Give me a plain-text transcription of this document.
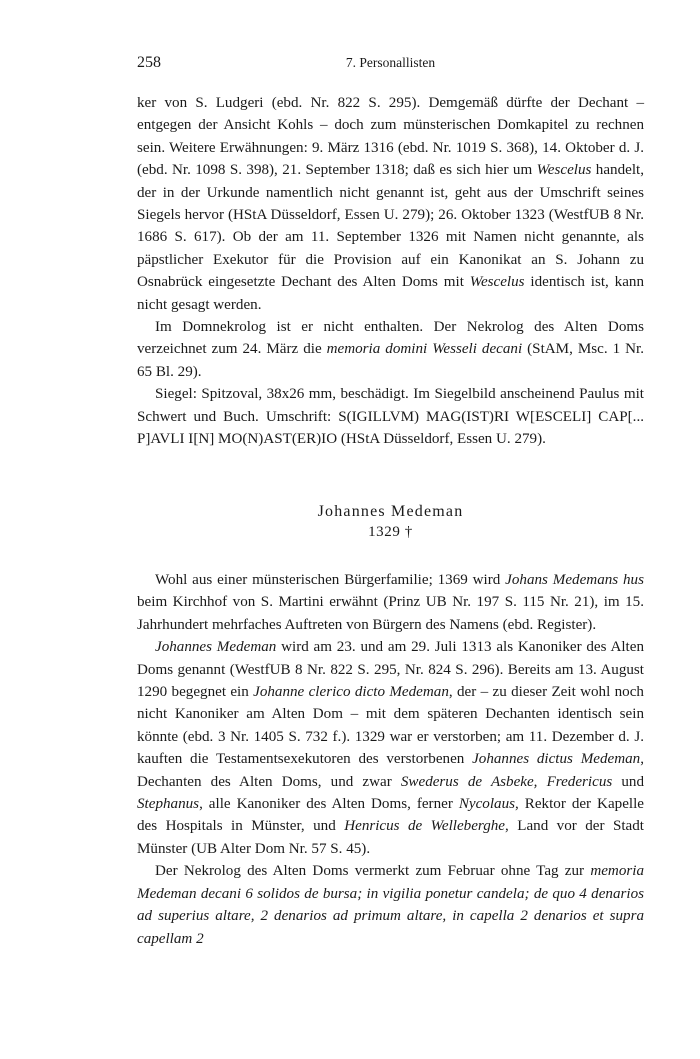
258	7. Personallisten

ker von S. Ludgeri (ebd. Nr. 822 S. 295). Demgemäß dürfte der Dechant – entgegen der Ansicht Kohls – doch zum münsterischen Domkapitel zu rechnen sein. Weitere Erwähnungen: 9. März 1316 (ebd. Nr. 1019 S. 368), 14. Oktober d. J. (ebd. Nr. 1098 S. 398), 21. September 1318; daß es sich hier um Wescelus handelt, der in der Urkunde namentlich nicht genannt ist, geht aus der Umschrift seines Siegels hervor (HStA Düsseldorf, Essen U. 279); 26. Oktober 1323 (WestfUB 8 Nr. 1686 S. 617). Ob der am 11. September 1326 mit Namen nicht genannte, als päpstlicher Exekutor für die Provision auf ein Kanonikat an S. Johann zu Osnabrück eingesetzte Dechant des Alten Doms mit Wescelus identisch ist, kann nicht gesagt werden.

Im Domnekrolog ist er nicht enthalten. Der Nekrolog des Alten Doms verzeichnet zum 24. März die memoria domini Wesseli decani (StAM, Msc. 1 Nr. 65 Bl. 29).

Siegel: Spitzoval, 38x26 mm, beschädigt. Im Siegelbild anscheinend Paulus mit Schwert und Buch. Umschrift: S(IGILLVM) MAG(IST)RI W[ESCELI] CAP[... P]AVLI I[N] MO(N)AST(ER)IO (HStA Düsseldorf, Essen U. 279).

Johannes Medeman
1329 †

Wohl aus einer münsterischen Bürgerfamilie; 1369 wird Johans Medemans hus beim Kirchhof von S. Martini erwähnt (Prinz UB Nr. 197 S. 115 Nr. 21), im 15. Jahrhundert mehrfaches Auftreten von Bürgern des Namens (ebd. Register).

Johannes Medeman wird am 23. und am 29. Juli 1313 als Kanoniker des Alten Doms genannt (WestfUB 8 Nr. 822 S. 295, Nr. 824 S. 296). Bereits am 13. August 1290 begegnet ein Johanne clerico dicto Medeman, der – zu dieser Zeit wohl noch nicht Kanoniker am Alten Dom – mit dem späteren Dechanten identisch sein könnte (ebd. 3 Nr. 1405 S. 732 f.). 1329 war er verstorben; am 11. Dezember d. J. kauften die Testamentsexekutoren des verstorbenen Johannes dictus Medeman, Dechanten des Alten Doms, und zwar Swederus de Asbeke, Fredericus und Stephanus, alle Kanoniker des Alten Doms, ferner Nycolaus, Rektor der Kapelle des Hospitals in Münster, und Henricus de Welleberghe, Land vor der Stadt Münster (UB Alter Dom Nr. 57 S. 45).

Der Nekrolog des Alten Doms vermerkt zum Februar ohne Tag zur memoria Medeman decani 6 solidos de bursa; in vigilia ponetur candela; de quo 4 denarios ad superius altare, 2 denarios ad primum altare, in capella 2 denarios et supra capellam 2
